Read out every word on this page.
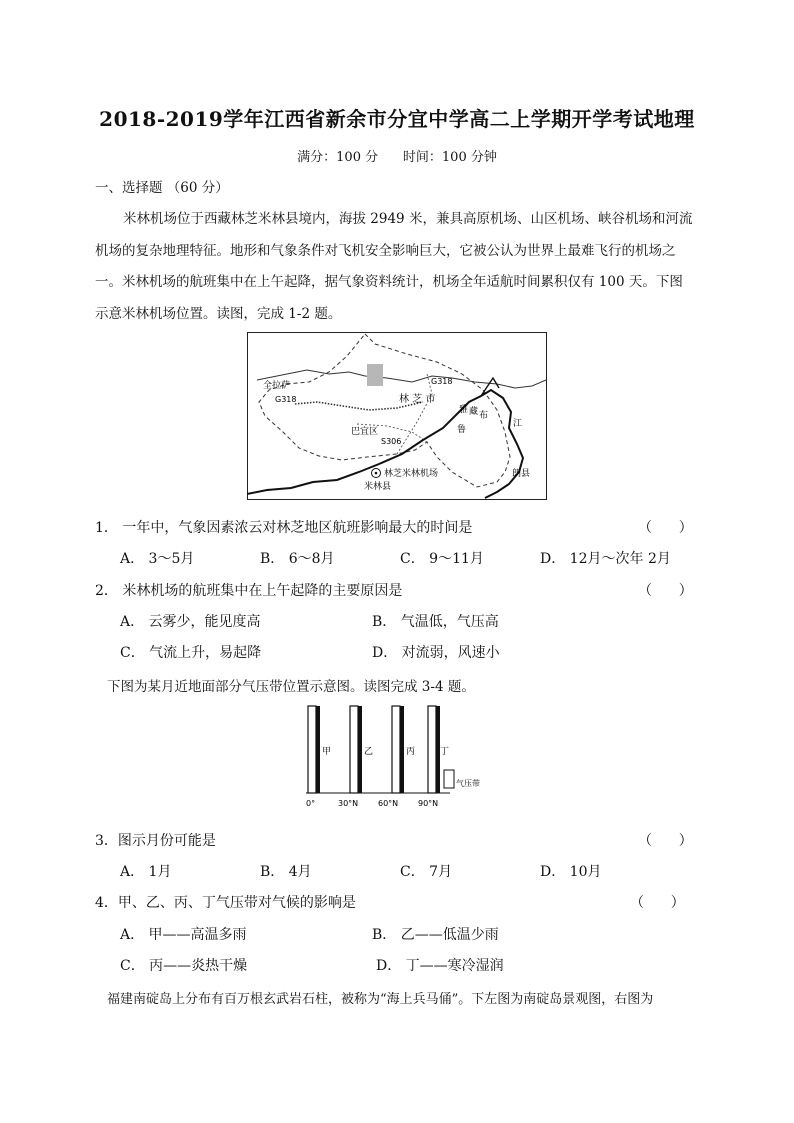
2018-2019学年江西省新余市分宜中学高二上学期开学考试地理
满分：100 分      时间：100 分钟
一、选择题 （60 分）

米林机场位于西藏林芝米林县境内，海拔 2949 米，兼具高原机场、山区机场、峡谷机场和河流

机场的复杂地理特征。地形和气象条件对飞机安全影响巨大，它被公认为世界上最难飞行的机场之

一。米林机场的航班集中在上午起降，据气象资料统计，机场全年适航时间累积仅有 100 天。下图

示意米林机场位置。读图，完成 1-2 题。

全拉萨	G318
G318	林 芝 市
巴宜区
S306
雅
鲁
藏 布
江
林芝米林机场
米林县
朗县
1． 一年中，气象因素浓云对林芝地区航班影响最大的时间是	（      ）
A． 3～5月	B． 6～8月	C． 9～11月	D． 12月～次年 2月
2． 米林机场的航班集中在上午起降的主要原因是	（      ）
A． 云雾少，能见度高	B． 气温低，气压高
C． 气流上升，易起降	D． 对流弱，风速小
下图为某月近地面部分气压带位置示意图。读图完成 3-4 题。
甲	乙	丙	丁
气压带
0°	30°N 60°N 90°N
3．图示月份可能是	（      ）
A． 1月	B． 4月	C． 7月	D． 10月
4．甲、乙、丙、丁气压带对气候的影响是	（      ）
A． 甲——高温多雨	B． 乙——低温少雨
C． 丙——炎热干燥	D． 丁——寒冷湿润
福建南碇岛上分布有百万根玄武岩石柱，被称为“海上兵马俑”。下左图为南碇岛景观图，右图为
